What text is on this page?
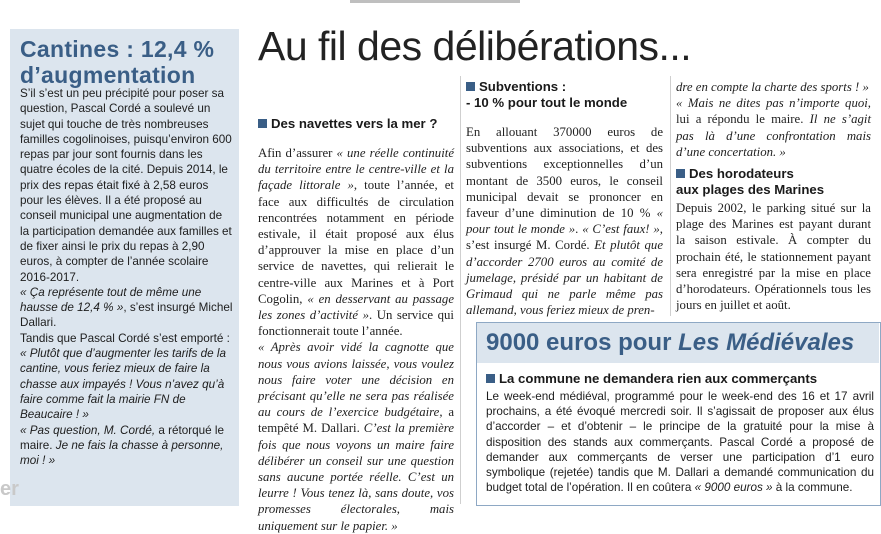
Cantines : 12,4 % d’augmentation

S’il s’est un peu précipité pour poser sa question, Pascal Cordé a soulevé un sujet qui touche de très nombreuses familles cogolinoises, puisqu’environ 600 repas par jour sont fournis dans les quatre écoles de la cité. Depuis 2014, le prix des repas était fixé à 2,58 euros pour les élèves. Il a été proposé au conseil municipal une augmentation de la participation demandée aux familles et de fixer ainsi le prix du repas à 2,90 euros, à compter de l’année scolaire 2016-2017.

« Ça représente tout de même une hausse de 12,4 % », s’est insurgé Michel Dallari.

Tandis que Pascal Cordé s’est emporté : « Plutôt que d’augmenter les tarifs de la cantine, vous feriez mieux de faire la chasse aux impayés ! Vous n’avez qu’à faire comme fait la mairie FN de Beaucaire ! »

« Pas question, M. Cordé, a rétorqué le maire. Je ne fais la chasse à personne, moi ! »

er
Au fil des délibérations...

Des navettes vers la mer ?

Afin d’assurer « une réelle continuité du territoire entre le centre-ville et la façade littorale », toute l’année, et face aux difficultés de circulation rencontrées notamment en période estivale, il était proposé aux élus d’approuver la mise en place d’un service de navettes, qui relierait le centre-ville aux Marines et à Port Cogolin, « en desservant au passage les zones d’activité ». Un service qui fonctionnerait toute l’année.

« Après avoir vidé la cagnotte que nous vous avions laissée, vous voulez nous faire voter une décision en précisant qu’elle ne sera pas réalisée au cours de l’exercice budgétaire, a tempêté M. Dallari. C’est la première fois que nous voyons un maire faire délibérer un conseil sur une question sans aucune portée réelle. C’est un leurre ! Vous tenez là, sans doute, vos promesses électorales, mais uniquement sur le papier. »

Subventions :

- 10 % pour tout le monde

En allouant 370000 euros de subventions aux associations, et des subventions exceptionnelles d’un montant de 3500 euros, le conseil municipal devait se prononcer en faveur d’une diminution de 10 % « pour tout le monde ». « C’est faux! », s’est insurgé M. Cordé. Et plutôt que d’accorder 2700 euros au comité de jumelage, présidé par un habitant de Grimaud qui ne parle même pas allemand, vous feriez mieux de pren-

dre en compte la charte des sports ! »

« Mais ne dites pas n’importe quoi, lui a répondu le maire. Il ne s’agit pas là d’une confrontation mais d’une concertation. »

Des horodateurs

aux plages des Marines

Depuis 2002, le parking situé sur la plage des Marines est payant durant la saison estivale. À compter du prochain été, le stationnement payant sera enregistré par la mise en place d’horodateurs. Opérationnels tous les jours en juillet et août.

9000 euros pour Les Médiévales

La commune ne demandera rien aux commerçants

Le week-end médiéval, programmé pour le week-end des 16 et 17 avril prochains, a été évoqué mercredi soir. Il s’agissait de proposer aux élus d’accorder – et d’obtenir – le principe de la gratuité pour la mise à disposition des stands aux commerçants. Pascal Cordé a proposé de demander aux commerçants de verser une participation d’1 euro symbolique (rejetée) tandis que M. Dallari a demandé communication du budget total de l’opération. Il en coûtera « 9000 euros » à la commune.
